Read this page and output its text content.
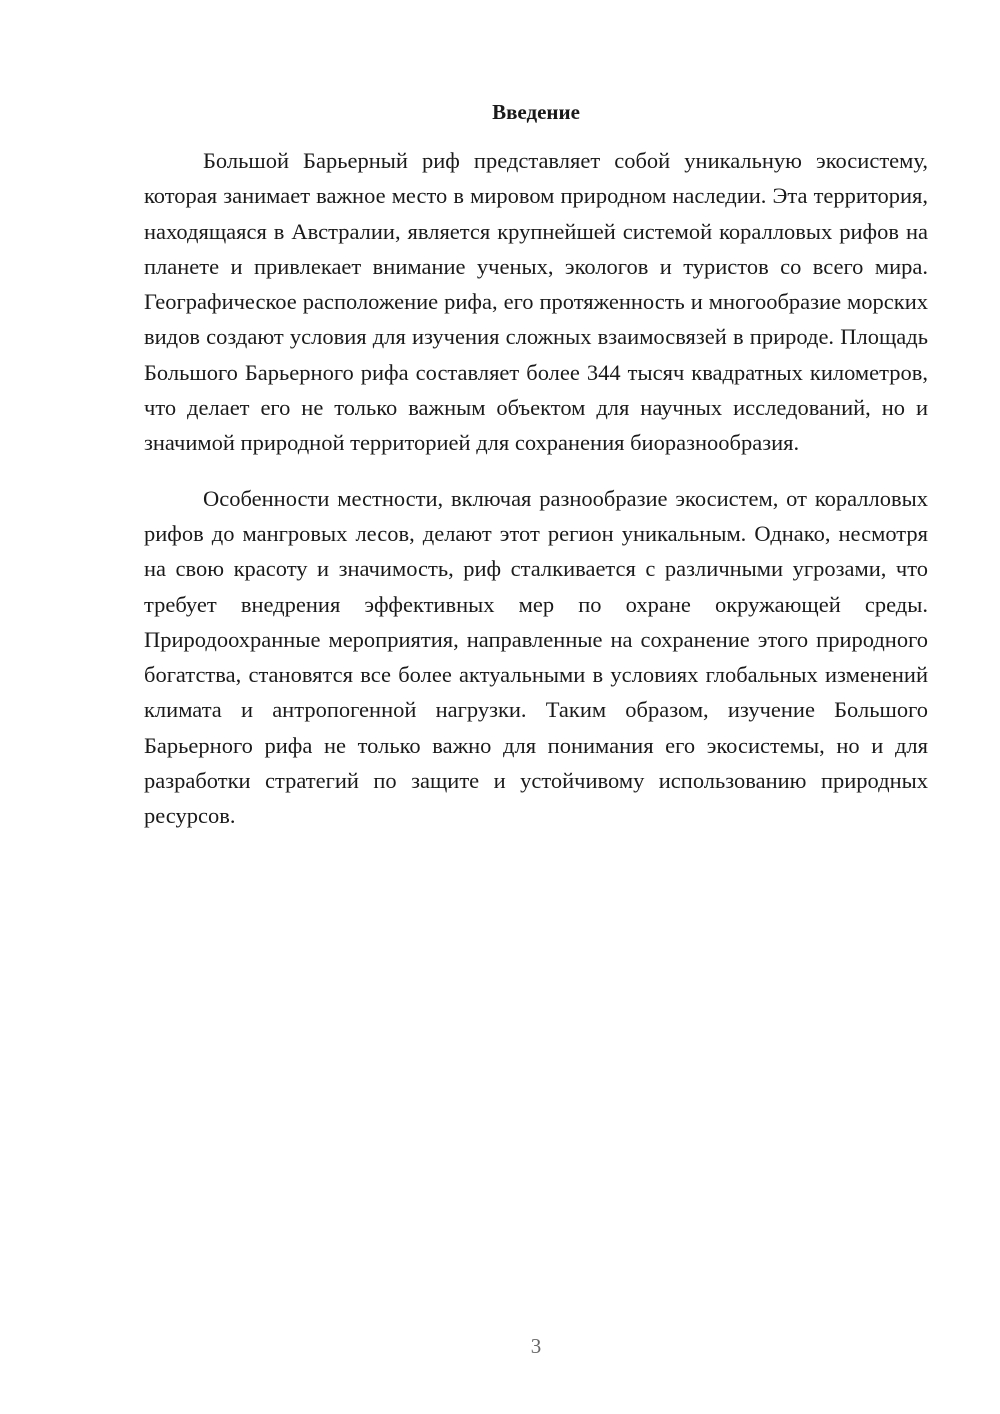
Введение

Большой Барьерный риф представляет собой уникальную экосистему, которая занимает важное место в мировом природном наследии. Эта территория, находящаяся в Австралии, является крупнейшей системой коралловых рифов на планете и привлекает внимание ученых, экологов и туристов со всего мира. Географическое расположение рифа, его протяженность и многообразие морских видов создают условия для изучения сложных взаимосвязей в природе. Площадь Большого Барьерного рифа составляет более 344 тысяч квадратных километров, что делает его не только важным объектом для научных исследований, но и значимой природной территорией для сохранения биоразнообразия.

Особенности местности, включая разнообразие экосистем, от коралловых рифов до мангровых лесов, делают этот регион уникальным. Однако, несмотря на свою красоту и значимость, риф сталкивается с различными угрозами, что требует внедрения эффективных мер по охране окружающей среды. Природоохранные мероприятия, направленные на сохранение этого природного богатства, становятся все более актуальными в условиях глобальных изменений климата и антропогенной нагрузки. Таким образом, изучение Большого Барьерного рифа не только важно для понимания его экосистемы, но и для разработки стратегий по защите и устойчивому использованию природных ресурсов.

3
